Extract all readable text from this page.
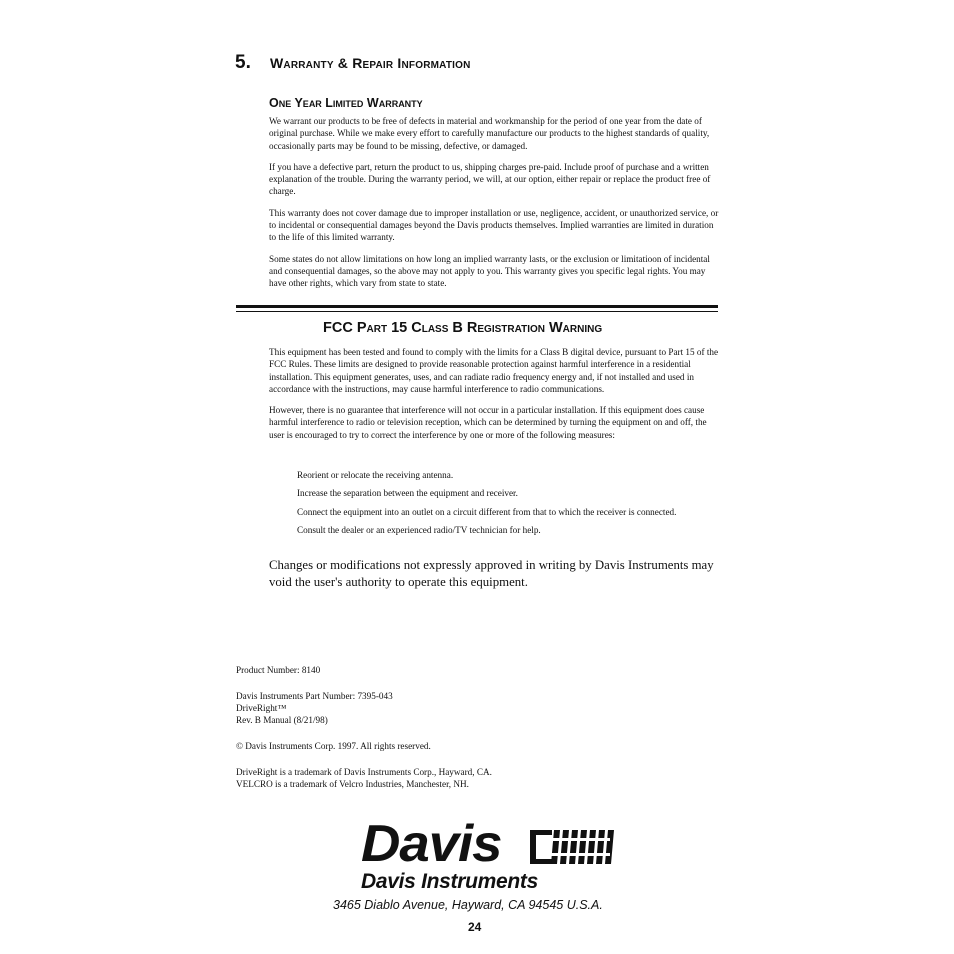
5. Warranty & Repair Information
One Year Limited Warranty

We warrant our products to be free of defects in material and workmanship for the period of one year from the date of original purchase. While we make every effort to carefully manufacture our products to the highest standards of quality, occasionally parts may be found to be missing, defective, or damaged.

If you have a defective part, return the product to us, shipping charges pre-paid. Include proof of purchase and a written explanation of the trouble. During the warranty period, we will, at our option, either repair or replace the product free of charge.

This warranty does not cover damage due to improper installation or use, negligence, accident, or unauthorized service, or to incidental or consequential damages beyond the Davis products themselves. Implied warranties are limited in duration to the life of this limited warranty.

Some states do not allow limitations on how long an implied warranty lasts, or the exclusion or limitatioon of incidental and consequential damages, so the above may not apply to you. This warranty gives you specific legal rights. You may have other rights, which vary from state to state.

FCC Part 15 Class B Registration Warning

This equipment has been tested and found to comply with the limits for a Class B digital device, pursuant to Part 15 of the FCC Rules. These limits are designed to provide reasonable protection against harmful interference in a residential installation. This equipment generates, uses, and can radiate radio frequency energy and, if not installed and used in accordance with the instructions, may cause harmful interference to radio communications.

However, there is no guarantee that interference will not occur in a particular installation. If this equipment does cause harmful interference to radio or television reception, which can be determined by turning the equipment on and off, the user is encouraged to try to correct the interference by one or more of the following measures:

Reorient or relocate the receiving antenna.
Increase the separation between the equipment and receiver.
Connect the equipment into an outlet on a circuit different from that to which the receiver is connected.
Consult the dealer or an experienced radio/TV technician for help.
Changes or modifications not expressly approved in writing by Davis Instruments may void the user's authority to operate this equipment.

Product Number: 8140

Davis Instruments Part Number: 7395-043
DriveRight™

Rev. B Manual (8/21/98)

© Davis Instruments Corp. 1997. All rights reserved.

DriveRight is a trademark of Davis Instruments Corp., Hayward, CA.
VELCRO is a trademark of Velcro Industries, Manchester, NH.
Davis
Davis Instruments
3465 Diablo Avenue, Hayward, CA 94545 U.S.A.
24
